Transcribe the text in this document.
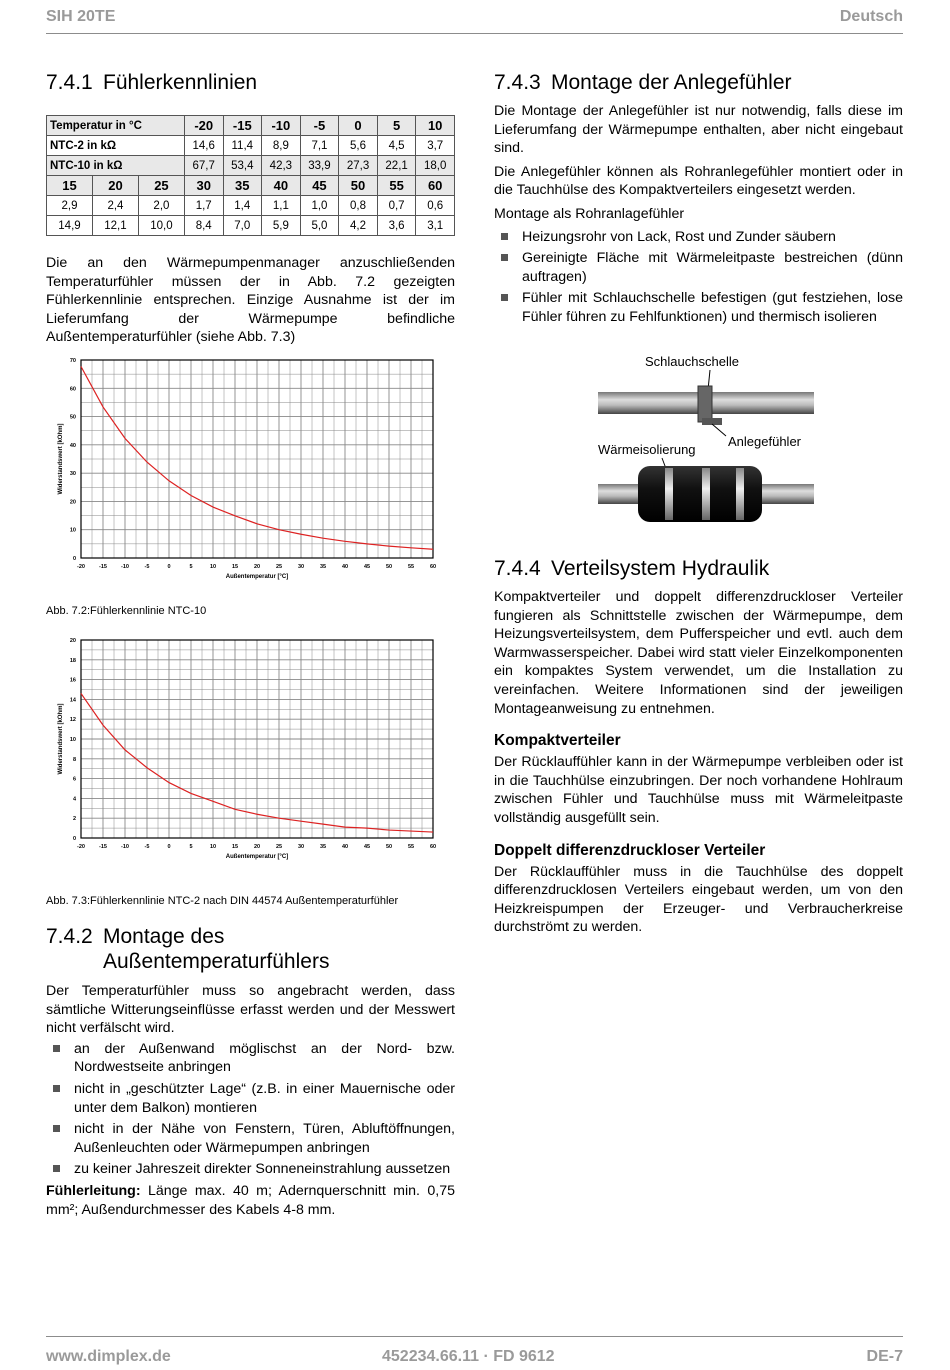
SIH 20TE	Deutsch
www.dimplex.de	452234.66.11 · FD 9612	DE-7
7.4.1 Fühlerkennlinien
Temperatur in °C			-20	-15	-10	-5	0	5	10
NTC-2 in kΩ			14,6	11,4	8,9	7,1	5,6	4,5	3,7
NTC-10 in kΩ			67,7	53,4	42,3	33,9	27,3	22,1	18,0
15	20	25	30	35	40	45	50	55	60
2,9	2,4	2,0	1,7	1,4	1,1	1,0	0,8	0,7	0,6
14,9	12,1	10,0	8,4	7,0	5,9	5,0	4,2	3,6	3,1

Die an den Wärmepumpenmanager anzuschließenden Temperaturfühler müssen der in Abb. 7.2 gezeigten Fühlerkennlinie entsprechen. Einzige Ausnahme ist der im Lieferumfang der Wärmepumpe befindliche Außentemperaturfühler (siehe Abb. 7.3)

-20	-15	-10	-5	0	5	10	15	20	25	30	35	40	45	50	55	60
0
10
20
30
40
50
60
70
Außentemperatur [°C]
Widerstandswert [kOhm]
Abb. 7.2:Fühlerkennlinie NTC-10
-20	-15	-10	-5	0	5	10	15	20	25	30	35	40	45	50	55	60
0
2
4
6
8
10
12
14
16
18
20
Außentemperatur [°C]
Widerstandswert [kOhm]
Abb. 7.3:Fühlerkennlinie NTC-2 nach DIN 44574 Außentemperaturfühler
7.4.2 Montage des
Außentemperaturfühlers

Der Temperaturfühler muss so angebracht werden, dass sämtliche Witterungseinflüsse erfasst werden und der Messwert nicht verfälscht wird.

an der Außenwand möglischst an der Nord- bzw. Nordwestseite anbringen
nicht in „geschützter Lage“ (z.B. in einer Mauernische oder unter dem Balkon) montieren
nicht in der Nähe von Fenstern, Türen, Abluftöffnungen, Außenleuchten oder Wärmepumpen anbringen
zu keiner Jahreszeit direkter Sonneneinstrahlung aussetzen

Fühlerleitung: Länge max. 40 m; Adernquerschnitt min. 0,75 mm²; Außendurchmesser des Kabels 4-8 mm.

7.4.3 Montage der Anlegefühler

Die Montage der Anlegefühler ist nur notwendig, falls diese im Lieferumfang der Wärmepumpe enthalten, aber nicht eingebaut sind.

Die Anlegefühler können als Rohranlegefühler montiert oder in die Tauchhülse des Kompaktverteilers eingesetzt werden.

Montage als Rohranlagefühler

Heizungsrohr von Lack, Rost und Zunder säubern
Gereinigte Fläche mit Wärmeleitpaste bestreichen (dünn auftragen)
Fühler mit Schlauchschelle befestigen (gut festziehen, lose Fühler führen zu Fehlfunktionen) und thermisch isolieren
Schlauchschelle
Wärmeisolierung
Anlegefühler
7.4.4 Verteilsystem Hydraulik

Kompaktverteiler und doppelt differenzdruckloser Verteiler fungieren als Schnittstelle zwischen der Wärmepumpe, dem Heizungsverteilsystem, dem Pufferspeicher und evtl. auch dem Warmwasserspeicher. Dabei wird statt vieler Einzelkomponenten ein kompaktes System verwendet, um die Installation zu vereinfachen. Weitere Informationen sind der jeweiligen Montageanweisung zu entnehmen.

Kompaktverteiler

Der Rücklauffühler kann in der Wärmepumpe verbleiben oder ist in die Tauchhülse einzubringen. Der noch vorhandene Hohlraum zwischen Fühler und Tauchhülse muss mit Wärmeleitpaste vollständig ausgefüllt sein.

Doppelt differenzdruckloser Verteiler

Der Rücklauffühler muss in die Tauchhülse des doppelt differenzdrucklosen Verteilers eingebaut werden, um von den Heizkreispumpen der Erzeuger- und Verbraucherkreise durchströmt zu werden.
